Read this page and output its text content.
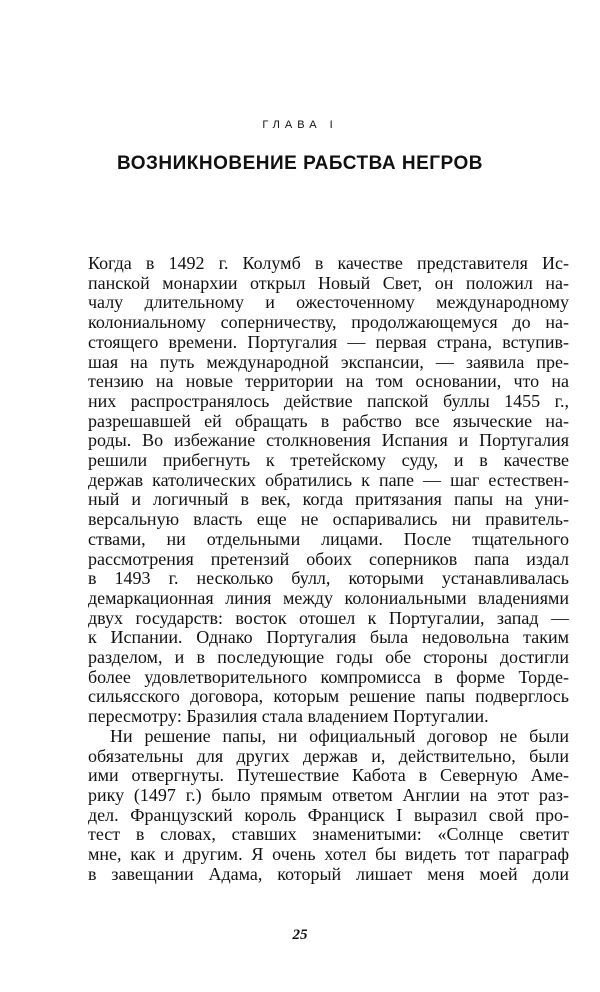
ГЛАВА I
ВОЗНИКНОВЕНИЕ РАБСТВА НЕГРОВ
Когда в 1492 г. Колумб в качестве представителя Ис-
панской монархии открыл Новый Свет, он положил на-
чалу длительному и ожесточенному международному
колониальному соперничеству, продолжающемуся до на-
стоящего времени. Португалия — первая страна, вступив-
шая на путь международной экспансии, — заявила пре-
тензию на новые территории на том основании, что на
них распространялось действие папской буллы 1455 г.,
разрешавшей ей обращать в рабство все языческие на-
роды. Во избежание столкновения Испания и Португалия
решили прибегнуть к третейскому суду, и в качестве
держав католических обратились к папе — шаг естествен-
ный и логичный в век, когда притязания папы на уни-
версальную власть еще не оспаривались ни правитель-
ствами, ни отдельными лицами. После тщательного
рассмотрения претензий обоих соперников папа издал
в 1493 г. несколько булл, которыми устанавливалась
демаркационная линия между колониальными владениями
двух государств: восток отошел к Португалии, запад —
к Испании. Однако Португалия была недовольна таким
разделом, и в последующие годы обе стороны достигли
более удовлетворительного компромисса в форме Торде-
сильясского договора, которым решение папы подверглось
пересмотру: Бразилия стала владением Португалии.
Ни решение папы, ни официальный договор не были
обязательны для других держав и, действительно, были
ими отвергнуты. Путешествие Кабота в Северную Аме-
рику (1497 г.) было прямым ответом Англии на этот раз-
дел. Французский король Франциск I выразил свой про-
тест в словах, ставших знаменитыми: «Солнце светит
мне, как и другим. Я очень хотел бы видеть тот параграф
в завещании Адама, который лишает меня моей доли
25
